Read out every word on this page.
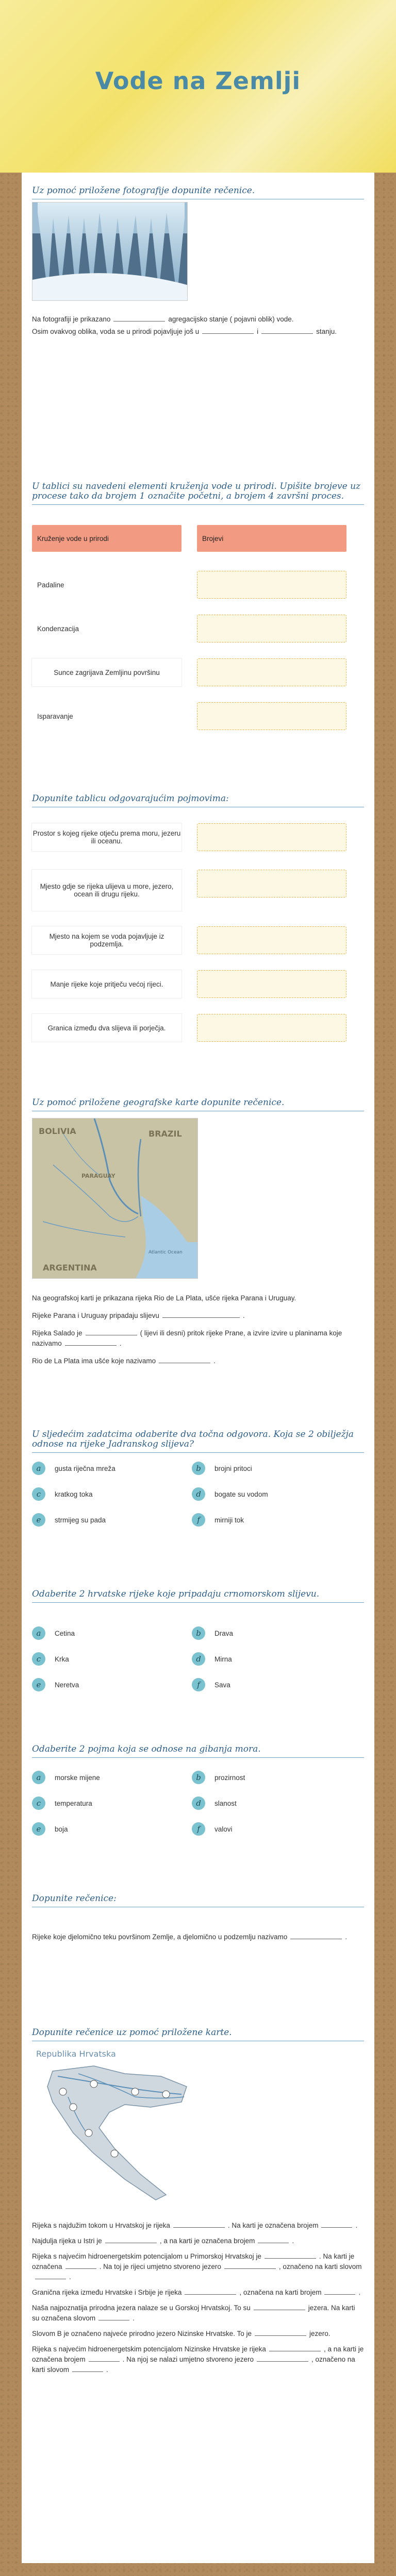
Vode na Zemlji
Uz pomoć priložene fotografije dopunite rečenice.

Na fotografiji je prikazano	agregacijsko stanje ( pojavni oblik) vode.

Osim ovakvog oblika, voda se u prirodi pojavljuje još u	i	stanju.

U tablici su navedeni elementi kruženja vode u prirodi. Upišite brojeve uz procese tako da brojem 1 označite početni, a brojem 4 završni proces.
Kruženje vode u prirodi	Brojevi
Padaline
Kondenzacija
Sunce zagrijava Zemljinu površinu
Isparavanje
Dopunite tablicu odgovarajućim pojmovima:
Prostor s kojeg rijeke otječu prema moru, jezeru ili oceanu.
Mjesto gdje se rijeka ulijeva u more, jezero, ocean ili drugu rijeku.
Mjesto na kojem se voda pojavljuje iz podzemlja.
Manje rijeke koje pritječu većoj rijeci.
Granica između dva slijeva ili porječja.
Uz pomoć priložene geografske karte dopunite rečenice.
BOLIVIA	BRAZIL
PARAGUAY
ARGENTINA
Atlantic Ocean

Na geografskoj karti je prikazana rijeka Rio de La Plata, ušće rijeka Parana i Uruguay.

Rijeke Parana i Uruguay pripadaju slijevu	.

Rijeka Salado je	( lijevi ili desni) pritok rijeke Prane, a izvire izvire u planinama koje nazivamo	.

Rio de La Plata ima ušće koje nazivamo	.

U sljedećim zadatcima odaberite dva točna odgovora. Koja se 2 obilježja odnose na rijeke Jadranskog slijeva?
a	gusta riječna mreža	b	brojni pritoci
c	kratkog toka	d	bogate su vodom
e	strmijeg su pada	f	mirniji tok
Odaberite 2 hrvatske rijeke koje pripadaju crnomorskom slijevu.
a	Cetina	b	Drava
c	Krka	d	Mirna
e	Neretva	f	Sava
Odaberite 2 pojma koja se odnose na gibanja mora.
a	morske mijene	b	prozirnost
c	temperatura	d	slanost
e	boja	f	valovi
Dopunite rečenice:

Rijeke koje djelomično teku površinom Zemlje, a djelomično u podzemlju nazivamo	.

Dopunite rečenice uz pomoć priložene karte.
Republika Hrvatska

Rijeka s najdužim tokom u Hrvatskoj je rijeka	. Na karti je označena brojem	.

Najdulja rijeka u Istri je	, a na karti je označena brojem	.

Rijeka s najvećim hidroenergetskim potencijalom u Primorskoj Hrvatskoj je	. Na karti je označena	. Na toj je rijeci umjetno stvoreno jezero	, označeno na karti slovom.

Granična rijeka između Hrvatske i Srbije je rijeka	, označena na karti brojem	.

Naša najpoznatija prirodna jezera nalaze se u Gorskoj Hrvatskoj. To su	jezera. Na karti su označena slovom	.

Slovom B je označeno najveće prirodno jezero Nizinske Hrvatske. To je	jezero.

Rijeka s najvećim hidroenergetskim potencijalom Nizinske Hrvatske je rijeka	, a na karti je označena brojem	. Na njoj se nalazi umjetno stvoreno jezero	, označeno na karti slovom	.
